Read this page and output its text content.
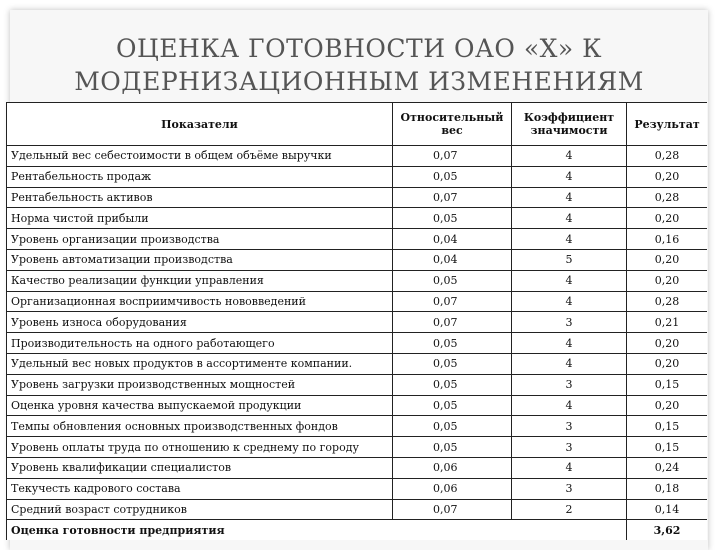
ОЦЕНКА ГОТОВНОСТИ ОАО «Х» К
МОДЕРНИЗАЦИОННЫМ ИЗМЕНЕНИЯМ
Показатели	Относительный вес	Коэффициент значимости	Результат
Удельный вес себестоимости в общем объёме выручки	0,07	4	0,28
Рентабельность продаж	0,05	4	0,20
Рентабельность активов	0,07	4	0,28
Норма чистой прибыли	0,05	4	0,20
Уровень организации производства	0,04	4	0,16
Уровень автоматизации производства	0,04	5	0,20
Качество реализации функции управления	0,05	4	0,20
Организационная восприимчивость нововведений	0,07	4	0,28
Уровень износа оборудования	0,07	3	0,21
Производительность на одного работающего	0,05	4	0,20
Удельный вес новых продуктов в ассортименте компании.	0,05	4	0,20
Уровень загрузки производственных мощностей	0,05	3	0,15
Оценка уровня качества выпускаемой продукции	0,05	4	0,20
Темпы обновления основных производственных фондов	0,05	3	0,15
Уровень оплаты труда по отношению к среднему по городу	0,05	3	0,15
Уровень квалификации специалистов	0,06	4	0,24
Текучесть кадрового состава	0,06	3	0,18
Средний возраст сотрудников	0,07	2	0,14
Оценка готовности предприятия			3,62
